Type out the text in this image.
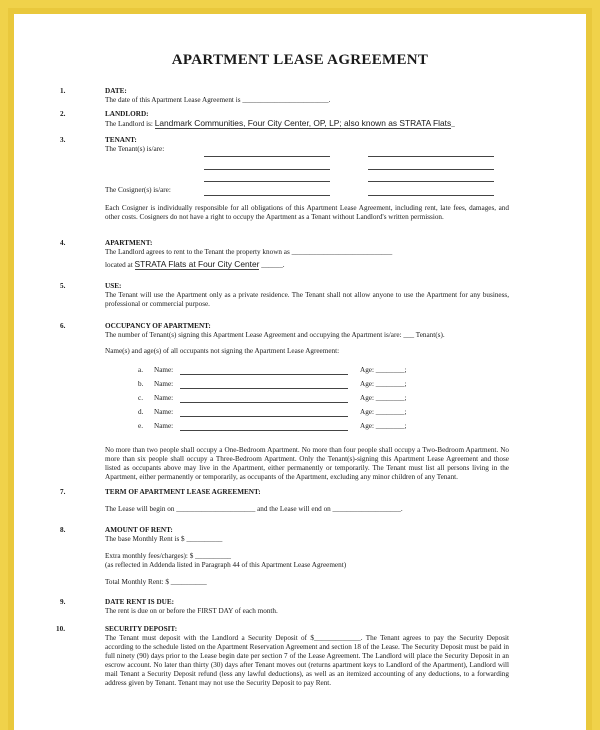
APARTMENT LEASE AGREEMENT
1.	DATE:

The date of this Apartment Lease Agreement is ________________________.

2.	LANDLORD:

The Landlord is: Landmark Communities, Four City Center, OP, LP; also known as STRATA Flats_

3.	TENANT:

The Tenant(s) is/are:

The Cosigner(s) is/are:

Each Cosigner is individually responsible for all obligations of this Apartment Lease Agreement, including rent, late fees, damages, and other costs. Cosigners do not have a right to occupy the Apartment as a Tenant without Landlord's written permission.

4.	APARTMENT:

The Landlord agrees to rent to the Tenant the property known as ____________________________

located at STRATA Flats at Four City Center ______.

5.	USE:

The Tenant will use the Apartment only as a private residence. The Tenant shall not allow anyone to use the Apartment for any business, professional or commercial purpose.

6.	OCCUPANCY OF APARTMENT:

The number of Tenant(s) signing this Apartment Lease Agreement and occupying the Apartment is/are: ___ Tenant(s).

Name(s) and age(s) of all occupants not signing the Apartment Lease Agreement:

a. Name:	Age: ________;
b. Name:	Age: ________;
c. Name:	Age: ________;
d. Name:	Age: ________;
e. Name:	Age: ________;

No more than two people shall occupy a One-Bedroom Apartment. No more than four people shall occupy a Two-Bedroom Apartment. No more than six people shall occupy a Three-Bedroom Apartment. Only the Tenant(s)-signing this Apartment Lease Agreement and those listed as occupants above may live in the Apartment, either permanently or temporarily. The Tenant must list all persons living in the Apartment, either permanently or temporarily, as occupants of the Apartment, excluding any minor children of any Tenant.

7.	TERM OF APARTMENT LEASE AGREEMENT:

The Lease will begin on ______________________ and the Lease will end on ___________________.

8.	AMOUNT OF RENT:

The base Monthly Rent is $ __________

Extra monthly fees/charges): $ __________

(as reflected in Addenda listed in Paragraph 44 of this Apartment Lease Agreement)

Total Monthly Rent: $ __________

9.	DATE RENT IS DUE:

The rent is due on or before the FIRST DAY of each month.

10.	SECURITY DEPOSIT:

The Tenant must deposit with the Landlord a Security Deposit of $_____________. The Tenant agrees to pay the Security Deposit according to the schedule listed on the Apartment Reservation Agreement and section 18 of the Lease. The Security Deposit must be paid in full ninety (90) days prior to the Lease begin date per section 7 of the Lease Agreement. The Landlord will place the Security Deposit in an escrow account. No later than thirty (30) days after Tenant moves out (returns apartment keys to Landlord of the Apartment), Landlord will mail Tenant a Security Deposit refund (less any lawful deductions), as well as an itemized accounting of any deductions, to a forwarding address given by Tenant. Tenant may not use the Security Deposit to pay Rent.
